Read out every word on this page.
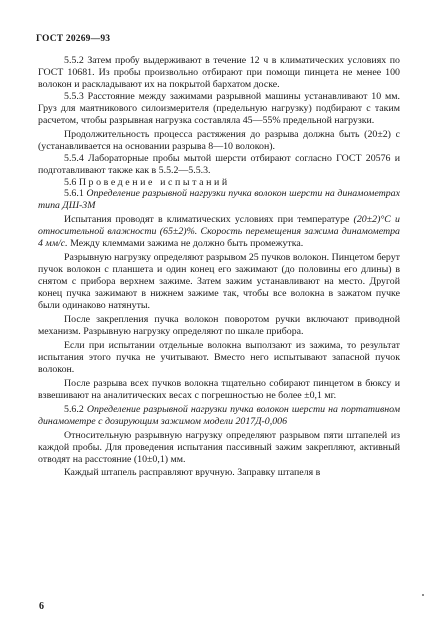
ГОСТ 20269—93

5.5.2 Затем пробу выдерживают в течение 12 ч в климатических условиях по ГОСТ 10681. Из пробы произвольно отбирают при помощи пинцета не менее 100 волокон и раскладывают их на покрытой бархатом доске.

5.5.3 Расстояние между зажимами разрывной машины устанавливают 10 мм. Груз для маятникового силоизмерителя (предельную нагрузку) подбирают с таким расчетом, чтобы разрывная нагрузка составляла 45—55% предельной нагрузки.

Продолжительность процесса растяжения до разрыва должна быть (20±2) с (устанавливается на основании разрыва 8—10 волокон).

5.5.4 Лабораторные пробы мытой шерсти отбирают согласно ГОСТ 20576 и подготавливают также как в 5.5.2—5.5.3.

5.6 Проведение испытаний

5.6.1 Определение разрывной нагрузки пучка волокон шерсти на динамометрах типа ДШ-3М

Испытания проводят в климатических условиях при температуре (20±2)°С и относительной влажности (65±2)%. Скорость перемещения зажима динамометра 4 мм/с. Между клеммами зажима не должно быть промежутка.

Разрывную нагрузку определяют разрывом 25 пучков волокон. Пинцетом берут пучок волокон с планшета и один конец его зажимают (до половины его длины) в снятом с прибора верхнем зажиме. Затем зажим устанавливают на место. Другой конец пучка зажимают в нижнем зажиме так, чтобы все волокна в зажатом пучке были одинаково натянуты.

После закрепления пучка волокон поворотом ручки включают приводной механизм. Разрывную нагрузку определяют по шкале прибора.

Если при испытании отдельные волокна выползают из зажима, то результат испытания этого пучка не учитывают. Вместо него испытывают запасной пучок волокон.

После разрыва всех пучков волокна тщательно собирают пинцетом в бюксу и взвешивают на аналитических весах с погрешностью не более ±0,1 мг.

5.6.2 Определение разрывной нагрузки пучка волокон шерсти на портативном динамометре с дозирующим зажимом модели 2017Д-0,006

Относительную разрывную нагрузку определяют разрывом пяти штапелей из каждой пробы. Для проведения испытания пассивный зажим закрепляют, активный отводят на расстояние (10±0,1) мм.

Каждый штапель расправляют вручную. Заправку штапеля в

6
